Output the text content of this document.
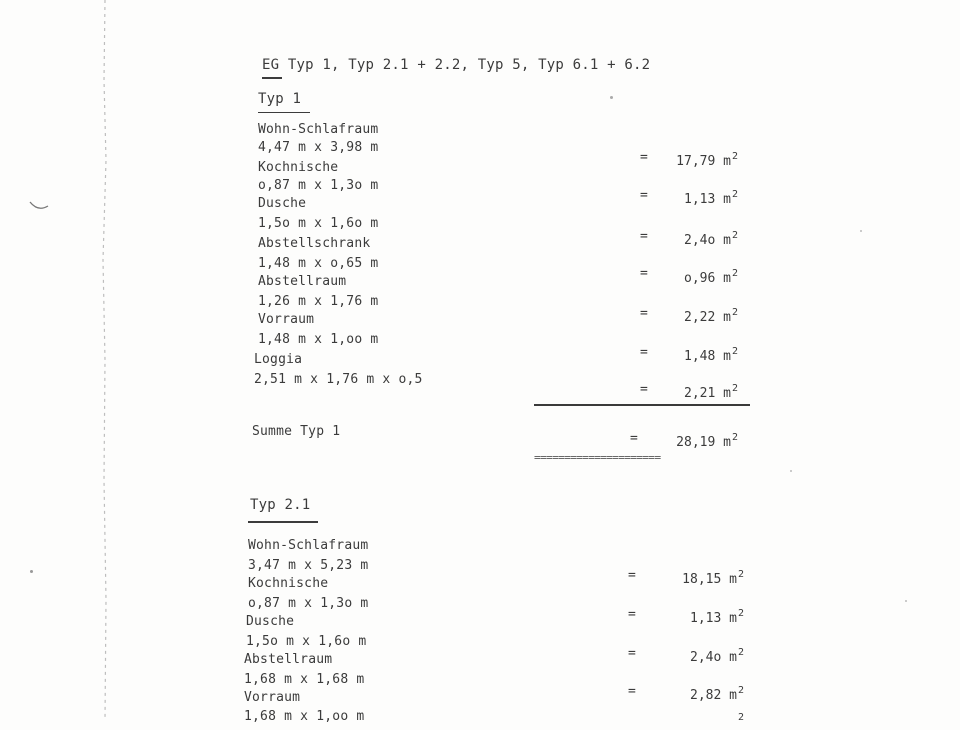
EG Typ 1, Typ 2.1 + 2.2, Typ 5, Typ 6.1 + 6.2
Typ 1
Wohn-Schlafraum
4,47 m x 3,98 m
=	17,79 $m^2$
Kochnische
o,87 m x 1,3o m
=	1,13 $m^2$
Dusche
1,5o m x 1,6o m
=	2,4o $m^2$
Abstellschrank
1,48 m x o,65 m
=	o,96 $m^2$
Abstellraum
1,26 m x 1,76 m
=	2,22 $m^2$
Vorraum
1,48 m x 1,oo m
=	1,48 $m^2$
Loggia
2,51 m x 1,76 m x o,5
=	2,21 $m^2$
Summe Typ 1	=	28,19 $m^2$
=====================
Typ 2.1
Wohn-Schlafraum
3,47 m x 5,23 m
=	18,15 $m^2$
Kochnische
o,87 m x 1,3o m
=	1,13 $m^2$
Dusche
1,5o m x 1,6o m
=	2,4o $m^2$
Abstellraum
1,68 m x 1,68 m
=	2,82 $m^2$
Vorraum
1,68 m x 1,oo m	$^2$
